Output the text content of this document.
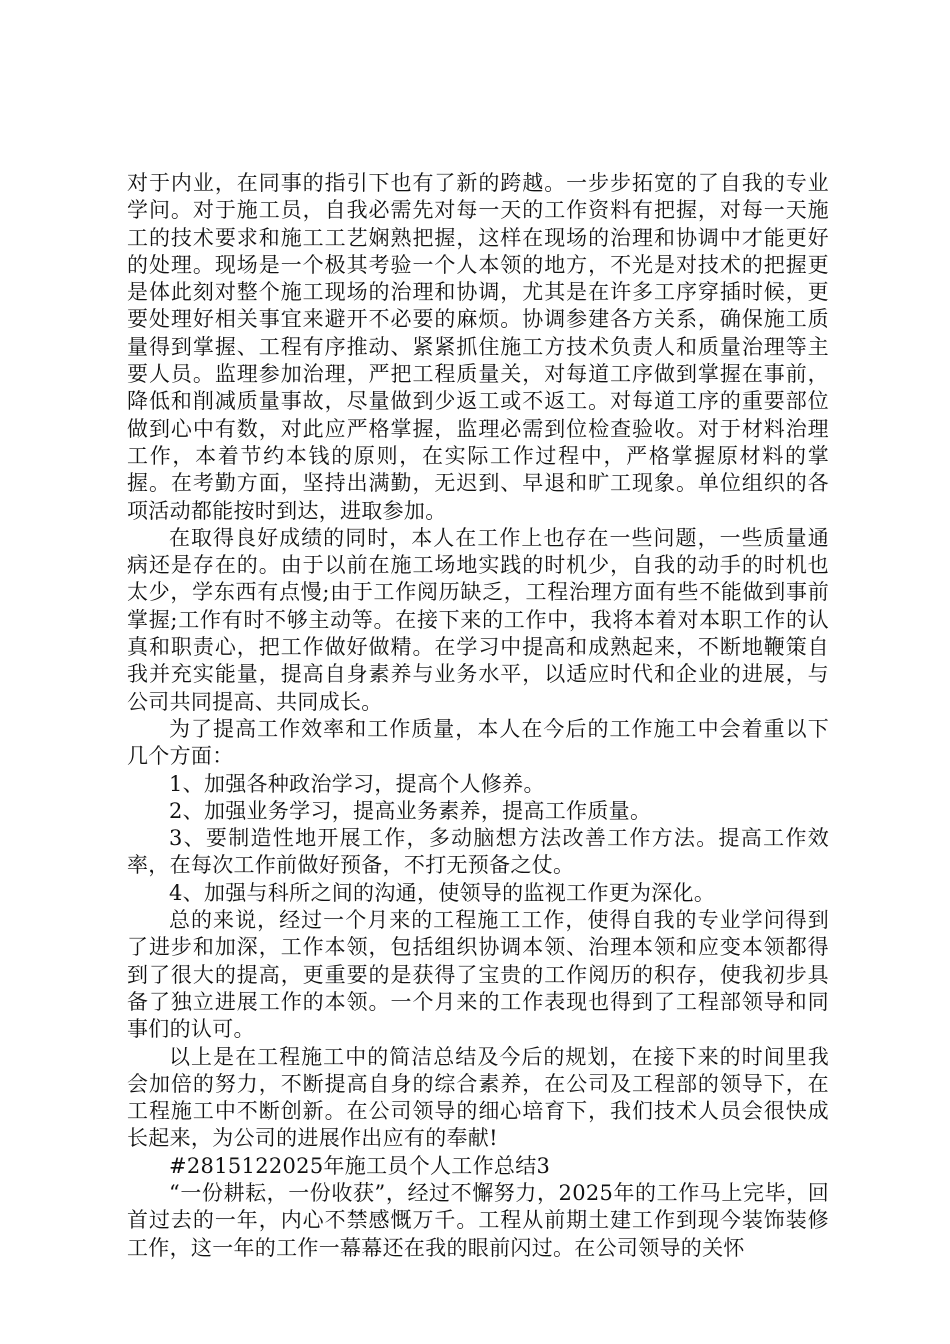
对于内业，在同事的指引下也有了新的跨越。一步步拓宽的了自我的专业学问。对于施工员，自我必需先对每一天的工作资料有把握，对每一天施工的技术要求和施工工艺娴熟把握，这样在现场的治理和协调中才能更好的处理。现场是一个极其考验一个人本领的地方，不光是对技术的把握更是体此刻对整个施工现场的治理和协调，尤其是在许多工序穿插时候，更要处理好相关事宜来避开不必要的麻烦。协调参建各方关系，确保施工质量得到掌握、工程有序推动、紧紧抓住施工方技术负责人和质量治理等主要人员。监理参加治理，严把工程质量关，对每道工序做到掌握在事前，降低和削减质量事故，尽量做到少返工或不返工。对每道工序的重要部位做到心中有数，对此应严格掌握，监理必需到位检查验收。对于材料治理工作，本着节约本钱的原则，在实际工作过程中，严格掌握原材料的掌握。在考勤方面，坚持出满勤，无迟到、早退和旷工现象。单位组织的各项活动都能按时到达，进取参加。

在取得良好成绩的同时，本人在工作上也存在一些问题，一些质量通病还是存在的。由于以前在施工场地实践的时机少，自我的动手的时机也太少，学东西有点慢;由于工作阅历缺乏，工程治理方面有些不能做到事前掌握;工作有时不够主动等。在接下来的工作中，我将本着对本职工作的认真和职责心，把工作做好做精。在学习中提高和成熟起来，不断地鞭策自我并充实能量，提高自身素养与业务水平，以适应时代和企业的进展，与公司共同提高、共同成长。

为了提高工作效率和工作质量，本人在今后的工作施工中会着重以下几个方面：

1、加强各种政治学习，提高个人修养。

2、加强业务学习，提高业务素养，提高工作质量。

3、要制造性地开展工作，多动脑想方法改善工作方法。提高工作效率，在每次工作前做好预备，不打无预备之仗。

4、加强与科所之间的沟通，使领导的监视工作更为深化。

总的来说，经过一个月来的工程施工工作，使得自我的专业学问得到了进步和加深，工作本领，包括组织协调本领、治理本领和应变本领都得到了很大的提高，更重要的是获得了宝贵的工作阅历的积存，使我初步具备了独立进展工作的本领。一个月来的工作表现也得到了工程部领导和同事们的认可。

以上是在工程施工中的简洁总结及今后的规划，在接下来的时间里我会加倍的努力，不断提高自身的综合素养，在公司及工程部的领导下，在工程施工中不断创新。在公司领导的细心培育下，我们技术人员会很快成长起来，为公司的进展作出应有的奉献!

#2815122025年施工员个人工作总结3

“一份耕耘，一份收获”，经过不懈努力，2025年的工作马上完毕，回首过去的一年，内心不禁感慨万千。工程从前期土建工作到现今装饰装修工作，这一年的工作一幕幕还在我的眼前闪过。在公司领导的关怀
